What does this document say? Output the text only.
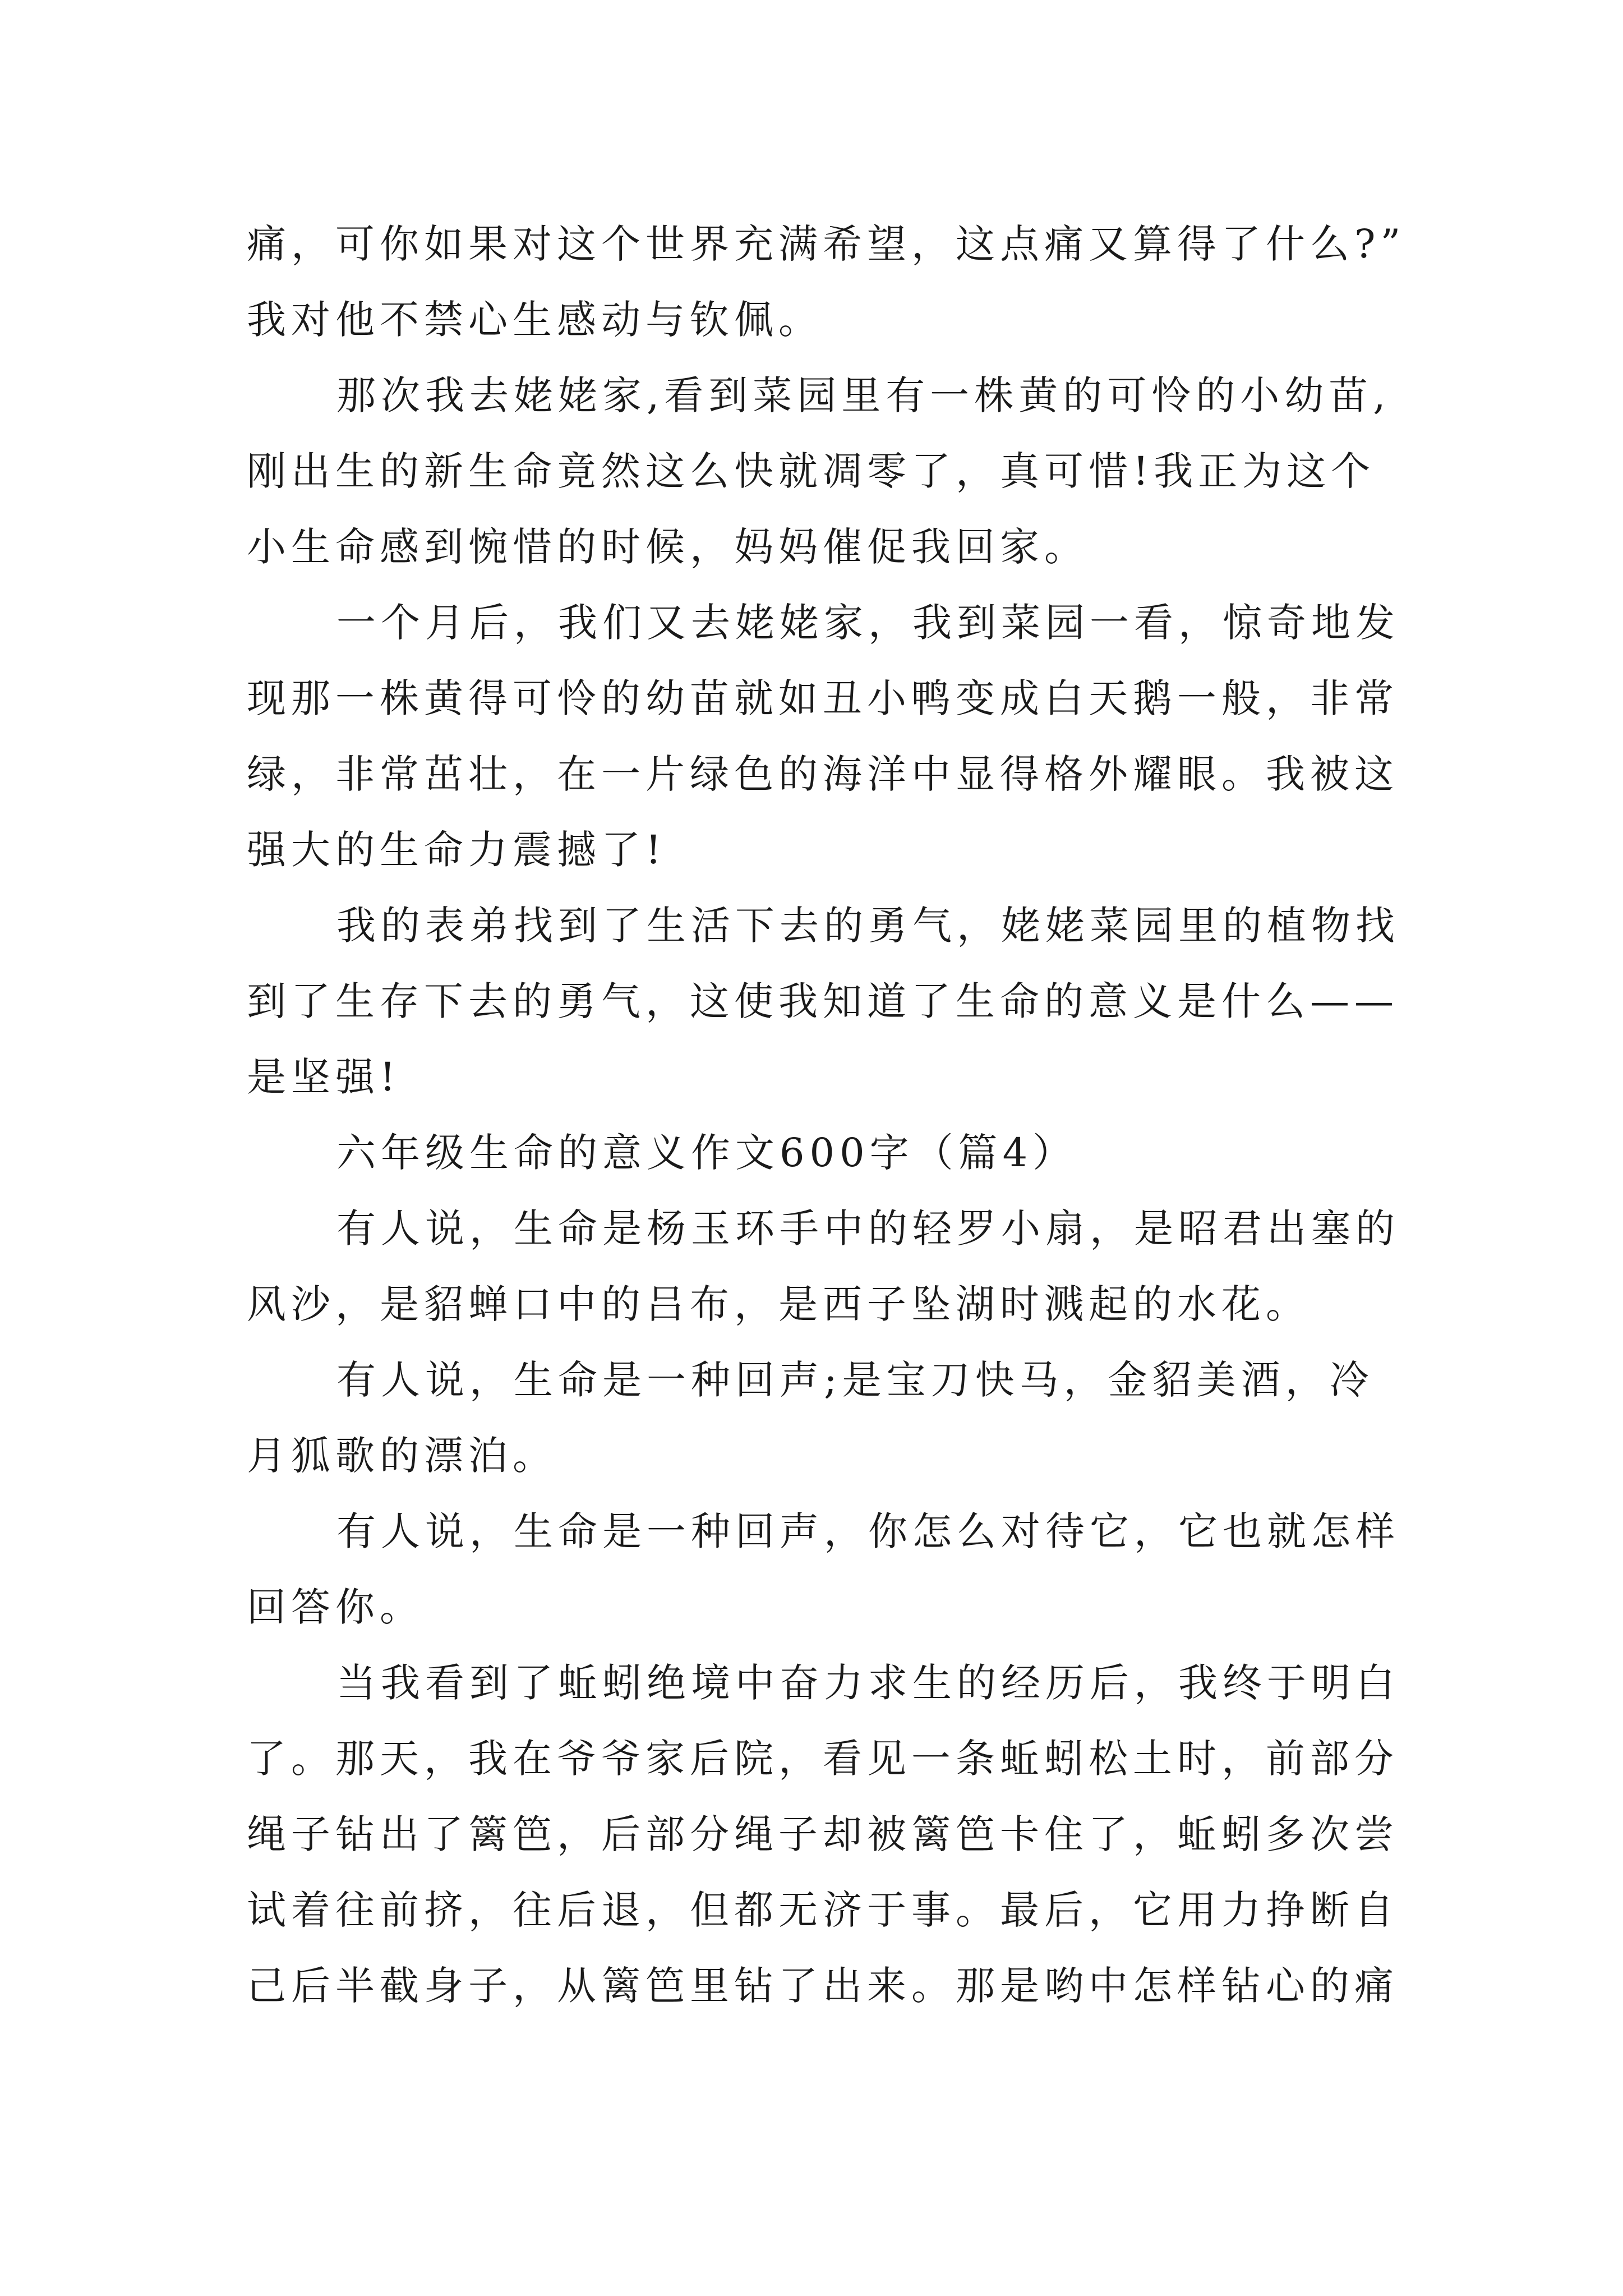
痛，可你如果对这个世界充满希望，这点痛又算得了什么?”
我对他不禁心生感动与钦佩。
那次我去姥姥家,看到菜园里有一株黄的可怜的小幼苗,
刚出生的新生命竟然这么快就凋零了，真可惜!我正为这个
小生命感到惋惜的时候，妈妈催促我回家。
一个月后，我们又去姥姥家，我到菜园一看，惊奇地发
现那一株黄得可怜的幼苗就如丑小鸭变成白天鹅一般，非常
绿，非常茁壮，在一片绿色的海洋中显得格外耀眼。我被这
强大的生命力震撼了!
我的表弟找到了生活下去的勇气，姥姥菜园里的植物找
到了生存下去的勇气，这使我知道了生命的意义是什么——
是坚强!
六年级生命的意义作文600字（篇4）
有人说，生命是杨玉环手中的轻罗小扇，是昭君出塞的
风沙，是貂蝉口中的吕布，是西子坠湖时溅起的水花。
有人说，生命是一种回声;是宝刀快马，金貂美酒，冷
月狐歌的漂泊。
有人说，生命是一种回声，你怎么对待它，它也就怎样
回答你。
当我看到了蚯蚓绝境中奋力求生的经历后，我终于明白
了。那天，我在爷爷家后院，看见一条蚯蚓松土时，前部分
绳子钻出了篱笆，后部分绳子却被篱笆卡住了，蚯蚓多次尝
试着往前挤，往后退，但都无济于事。最后，它用力挣断自
己后半截身子，从篱笆里钻了出来。那是哟中怎样钻心的痛
